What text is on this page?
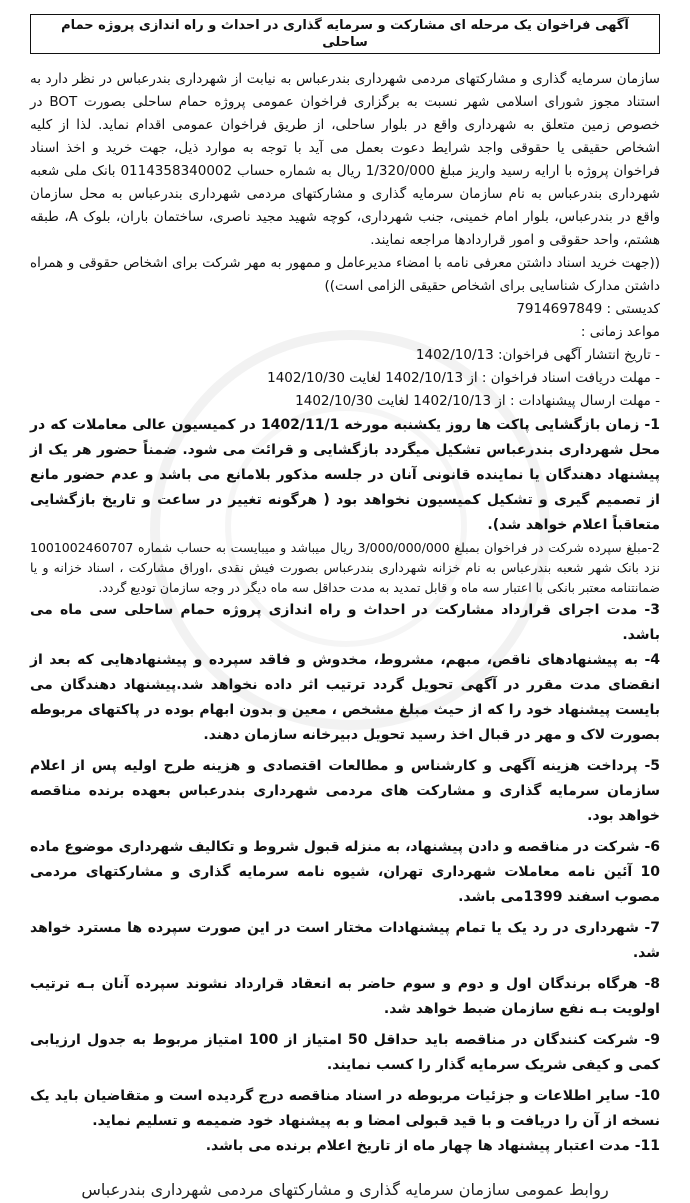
آگهی فراخوان یک مرحله ای مشارکت و سرمایه گذاری در احداث و راه اندازی پروژه حمام ساحلی

سازمان سرمایه گذاری و مشارکتهای مردمی شهرداری بندرعباس به نیابت از شهرداری بندرعباس در نظر دارد به استناد مجوز شورای اسلامی شهر نسبت به برگزاری فراخوان عمومی پروژه حمام ساحلی بصورت BOT در خصوص زمین متعلق به شهرداری واقع در بلوار ساحلی، از طریق فراخوان عمومی اقدام نماید. لذا از کلیه اشخاص حقیقی یا حقوقی واجد شرایط دعوت بعمل می آید با توجه به موارد ذیل، جهت خرید و اخذ اسناد فراخوان پروژه با ارایه رسید واریز مبلغ 1/320/000 ریال به شماره حساب 0114358340002 بانک ملی شعبه شهرداری بندرعباس به نام سازمان سرمایه گذاری و مشارکتهای مردمی شهرداری بندرعباس به محل سازمان واقع در بندرعباس، بلوار امام خمینی، جنب شهرداری، کوچه شهید مجید ناصری، ساختمان باران، بلوک A، طبقه هشتم، واحد حقوقی و امور قراردادها مراجعه نمایند.

((جهت خرید اسناد داشتن معرفی نامه با امضاء مدیرعامل و ممهور به مهر شرکت برای اشخاص حقوقی و همراه داشتن مدارک شناسایی برای اشخاص حقیقی الزامی است))

کدیستی : 7914697849

مواعد زمانی :

- تاریخ انتشار آگهی فراخوان: 1402/10/13

- مهلت دریافت اسناد فراخوان : از 1402/10/13 لغایت 1402/10/30

- مهلت ارسال پیشنهادات : از 1402/10/13 لغایت 1402/10/30

1- زمان بازگشایی پاکت ها روز یکشنبه مورخه 1402/11/1 در کمیسیون عالی معاملات که در محل شهرداری بندرعباس تشکیل میگردد بازگشایی و قرائت می شود. ضمناً حضور هر یک از پیشنهاد دهندگان یا نماینده قانونی آنان در جلسه مذکور بلامانع می باشد و عدم حضور مانع از تصمیم گیری و تشکیل کمیسیون نخواهد بود ( هرگونه تغییر در ساعت و تاریخ بازگشایی متعاقباً اعلام خواهد شد).

2-مبلغ سپرده شرکت در فراخوان بمبلغ 3/000/000/000 ریال میباشد و میبایست به حساب شماره 1001002460707 نزد بانک شهر شعبه بندرعباس به نام خزانه شهرداری بندرعباس بصورت فیش نقدی ،اوراق مشارکت ، اسناد خزانه و یا ضمانتنامه معتبر بانکی با اعتبار سه ماه و قابل تمدید به مدت حداقل سه ماه دیگر در وجه سازمان تودیع گردد.

3- مدت اجرای قرارداد مشارکت در احداث و راه اندازی پروژه حمام ساحلی سی ماه می باشد.

4- به پیشنهادهای ناقص، مبهم، مشروط، مخدوش و فاقد سپرده و پیشنهادهایی که بعد از انقضای مدت مقرر در آگهی تحویل گردد ترتیب اثر داده نخواهد شد.پیشنهاد دهندگان می بایست پیشنهاد خود را که از حیث مبلغ مشخص ، معین و بدون ابهام بوده در پاکتهای مربوطه بصورت لاک و مهر در قبال اخذ رسید تحویل دبیرخانه سازمان دهند.

5- پرداخت هزینه آگهی و کارشناس و مطالعات اقتصادی و هزینه طرح اولیه پس از اعلام سازمان سرمایه گذاری و مشارکت های مردمی شهرداری بندرعباس بعهده برنده مناقصه خواهد بود.

6- شرکت در مناقصه و دادن پیشنهاد، به منزله قبول شروط و تکالیف شهرداری موضوع ماده 10 آئین نامه معاملات شهرداری تهران، شیوه نامه سرمایه گذاری و مشارکتهای مردمی مصوب اسفند 1399می باشد.

7- شهرداری در رد یک یا تمام پیشنهادات مختار است در این صورت سپرده ها مسترد خواهد شد.

8- هرگاه برندگان اول و دوم و سوم حاضر به انعقاد قرارداد نشوند سپرده آنان بـه ترتیب اولویت بـه نفع سازمان ضبط خواهد شد.

9- شرکت کنندگان در مناقصه باید حداقل 50 امتیاز از 100 امتیاز مربوط به جدول ارزیابی کمی و کیفی شریک سرمایه گذار را کسب نمایند.

10- سایر اطلاعات و جزئیات مربوطه در اسناد مناقصه درج گردیده است و متقاضیان باید یک نسخه از آن را دریافت و با قید قبولی امضا و به پیشنهاد خود ضمیمه و تسلیم نماید.

11- مدت اعتبار پیشنهاد ها چهار ماه از تاریخ اعلام برنده می باشد.

روابط عمومی سازمان سرمایه گذاری و مشارکتهای مردمی شهرداری بندرعباس
